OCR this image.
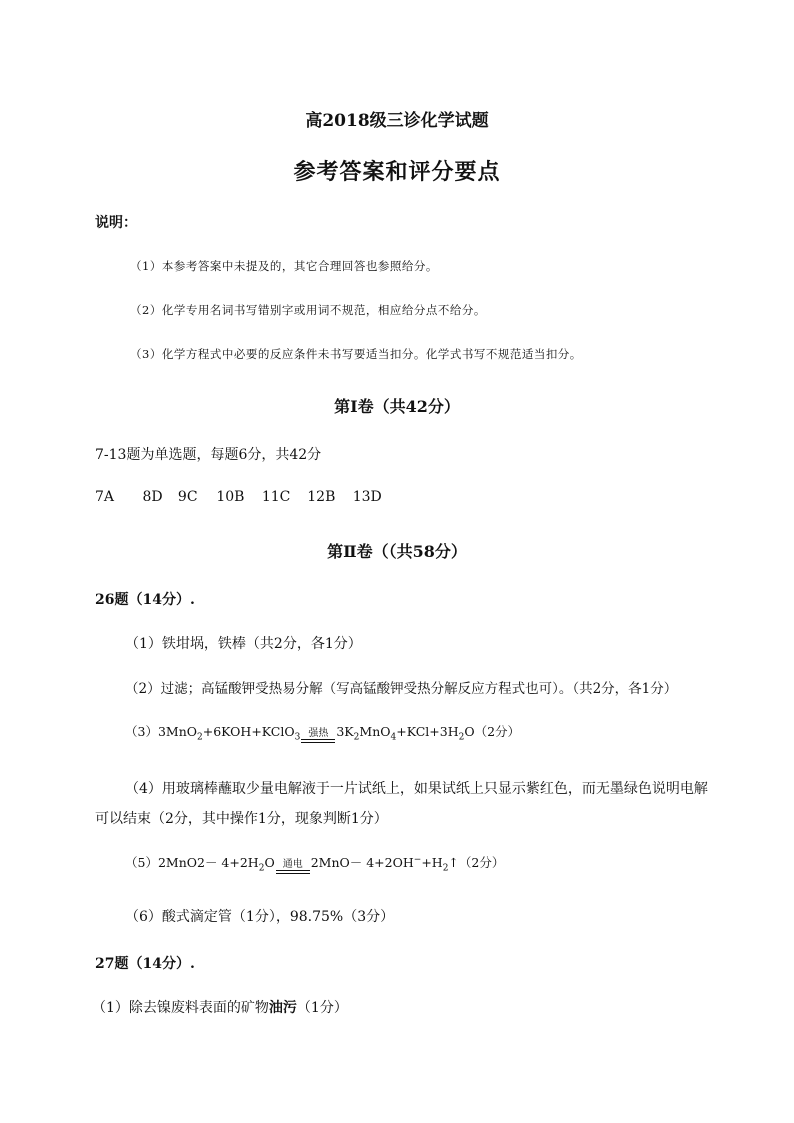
高2018级三诊化学试题
参考答案和评分要点
说明：
（1）本参考答案中未提及的，其它合理回答也参照给分。
（2）化学专用名词书写错别字或用词不规范，相应给分点不给分。
（3）化学方程式中必要的反应条件未书写要适当扣分。化学式书写不规范适当扣分。
第Ⅰ卷（共42分）
7-13题为单选题，每题6分，共42分
7A 8D 9C 10B 11C 12B 13D
第Ⅱ卷（（共58分）
26题（14分）.
（1）铁坩埚，铁棒（共2分，各1分）
（2）过滤；高锰酸钾受热易分解（写高锰酸钾受热分解反应方程式也可）。（共2分，各1分）
（3）3MnO$_2$+6KOH+KClO$_3$ 强热 $3K_2MnO_4+KCl+3H_2O(2$分）
（4）用玻璃棒蘸取少量电解液于一片试纸上，如果试纸上只显示紫红色，而无墨绿色说明电解
可以结束（2分，其中操作1分，现象判断1分）
$(5)2MnO2- 4+2H_2O$ 通电 $2MnO- 4+2OH^-+H_2↑(2$分）
（6）酸式滴定管（1分），98.75%（3分）
27题（14分）.
（1）除去镍废料表面的矿物油污（1分）
